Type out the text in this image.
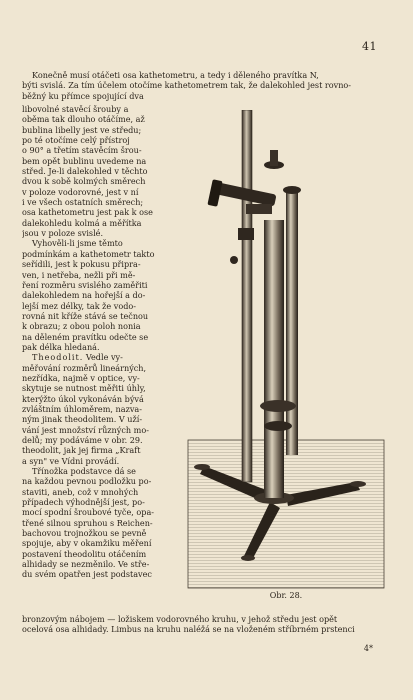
41
Konečně musí otáčeti osa kathetometru, a tedy i děleného pravítka N,
býti svislá. Za tím účelem otočíme kathetometrem tak, že dalekohled jest rovno-
běžný ku přímce spojující dva
libovolné stavěcí šrouby a
oběma tak dlouho otáčíme, až
bublina libelly jest ve středu;
po té otočíme celý přístroj
o 90° a třetím stavěcím šrou-
bem opět bublinu uvedeme na
střed. Je-li dalekohled v těchto
dvou k sobě kolmých směrech
v poloze vodorovné, jest v ní
i ve všech ostatních směrech;
osa kathetometru jest pak k ose
dalekohledu kolmá a měřítka
jsou v poloze svislé.
Vyhověli-li jsme těmto
podmínkám a kathetometr takto
seřídili, jest k pokusu připra-
ven, i netřeba, nežli při mě-
ření rozměru svislého zaměřiti
dalekohledem na hořejší a do-
lejší mez délky, tak že vodo-
rovná nit kříže stává se tečnou
k obrazu; z obou poloh nonia
na děleném pravítku odečte se
pak délka hledaná.
Theodolit. Vedle vy-
měřování rozměrů lineárných,
nezřídka, najmě v optice, vy-
skytuje se nutnost měřiti úhly,
kterýžto úkol vykonáván bývá
zvláštním úhloměrem, nazva-
ným jinak theodolitem. V uží-
vání jest množství různých mo-
delů; my podáváme v obr. 29.
theodolit, jak jej firma „Kraft
a syn" ve Vídni provádí.
Třínožka podstavce dá se
na každou pevnou podložku po-
staviti, aneb, což v mnohých
případech výhodnější jest, po-
mocí spodní šroubové tyče, opa-
třené silnou spruhou s Reichen-
bachovou trojnožkou se pevně
spojuje, aby v okamžiku měření
postavení theodolitu otáčením
alhidady se nezměnilo. Ve stře-
du svém opatřen jest podstavec
Obr. 28.
bronzovým nábojem — ložiskem vodorovného kruhu, v jehož středu jest opět
ocelová osa alhidady. Limbus na kruhu naléžá se na vloženém stříbrném prstenci
4*
